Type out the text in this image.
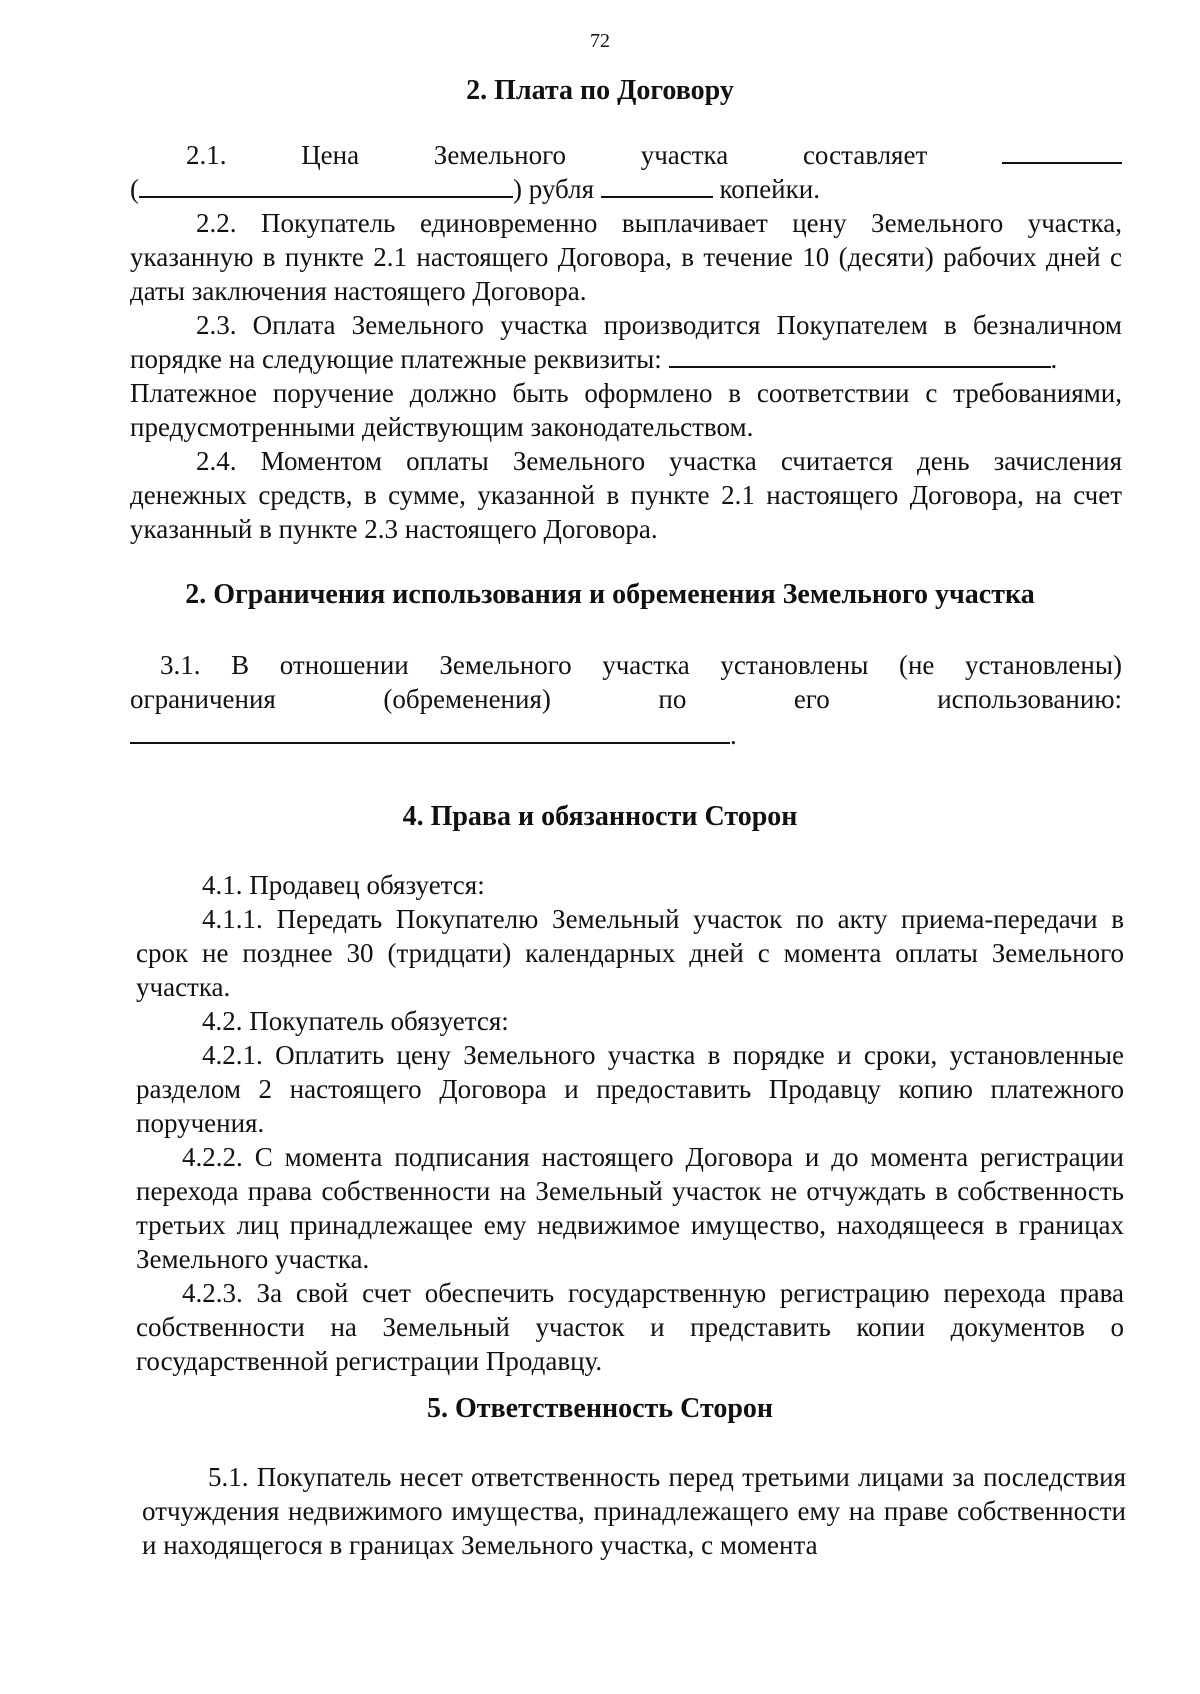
72
2. Плата по Договору
2.1.	Цена	Земельного	участка	составляет
(	) рубля	копейки.

2.2. Покупатель единовременно выплачивает цену Земельного участка, указанную в пункте 2.1 настоящего Договора, в течение 10 (десяти) рабочих дней с даты заключения настоящего Договора.

2.3. Оплата Земельного участка производится Покупателем в безналичном порядке на следующие платежные реквизиты:	.

Платежное поручение должно быть оформлено в соответствии с требованиями, предусмотренными действующим законодательством.

2.4. Моментом оплаты Земельного участка считается день зачисления денежных средств, в сумме, указанной в пункте 2.1 настоящего Договора, на счет указанный в пункте 2.3 настоящего Договора.

2. Ограничения использования и обременения Земельного участка

3.1. В отношении Земельного участка установлены (не установлены)

ограничения	(обременения)	по	его	использованию:
.
4. Права и обязанности Сторон

4.1. Продавец обязуется:

4.1.1. Передать Покупателю Земельный участок по акту приема-передачи в срок не позднее 30 (тридцати) календарных дней с момента оплаты Земельного участка.

4.2. Покупатель обязуется:

4.2.1. Оплатить цену Земельного участка в порядке и сроки, установленные разделом 2 настоящего Договора и предоставить Продавцу копию платежного поручения.

4.2.2. С момента подписания настоящего Договора и до момента регистрации перехода права собственности на Земельный участок не отчуждать в собственность третьих лиц принадлежащее ему недвижимое имущество, находящееся в границах Земельного участка.

4.2.3. За свой счет обеспечить государственную регистрацию перехода права собственности на Земельный участок и представить копии документов о государственной регистрации Продавцу.

5. Ответственность Сторон

5.1. Покупатель несет ответственность перед третьими лицами за последствия отчуждения недвижимого имущества, принадлежащего ему на праве собственности и находящегося в границах Земельного участка, с момента
